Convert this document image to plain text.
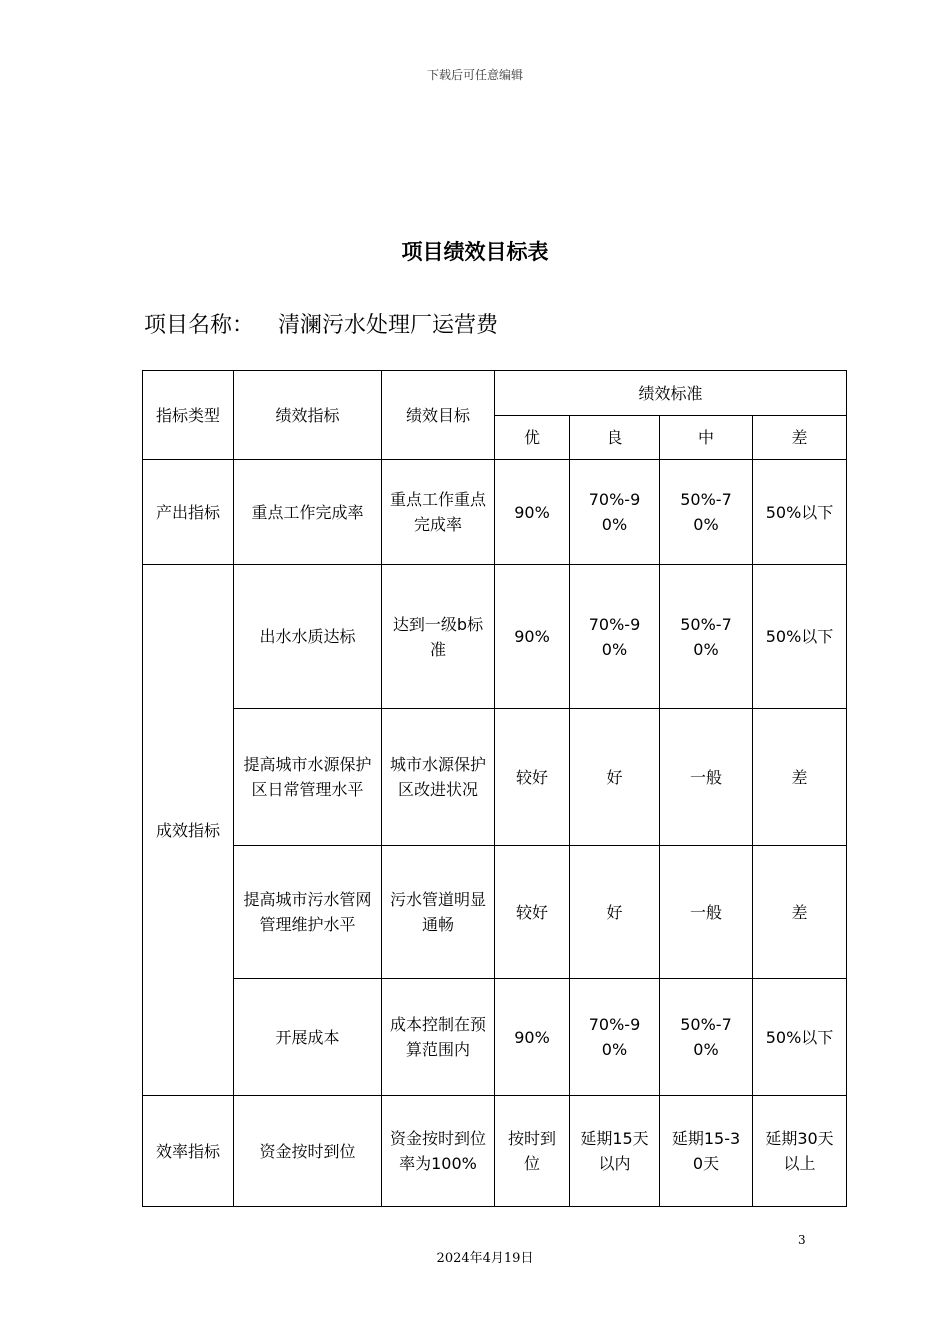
下载后可任意编辑
项目绩效目标表
项目名称： 清澜污水处理厂运营费
指标类型	绩效指标	绩效目标	绩效标准			
			优	良	中	差
产出指标	重点工作完成率	重点工作重点完成率	90%	70%-90%	50%-70%	50%以下
成效指标	出水水质达标	达到一级b标准	90%	70%-90%	50%-70%	50%以下
	提高城市水源保护区日常管理水平	城市水源保护区改进状况	较好	好	一般	差
	提高城市污水管网管理维护水平	污水管道明显通畅	较好	好	一般	差
	开展成本	成本控制在预算范围内	90%	70%-90%	50%-70%	50%以下
效率指标	资金按时到位	资金按时到位率为100%	按时到位	延期15天以内	延期15-30天	延期30天以上
3
2024年4月19日
